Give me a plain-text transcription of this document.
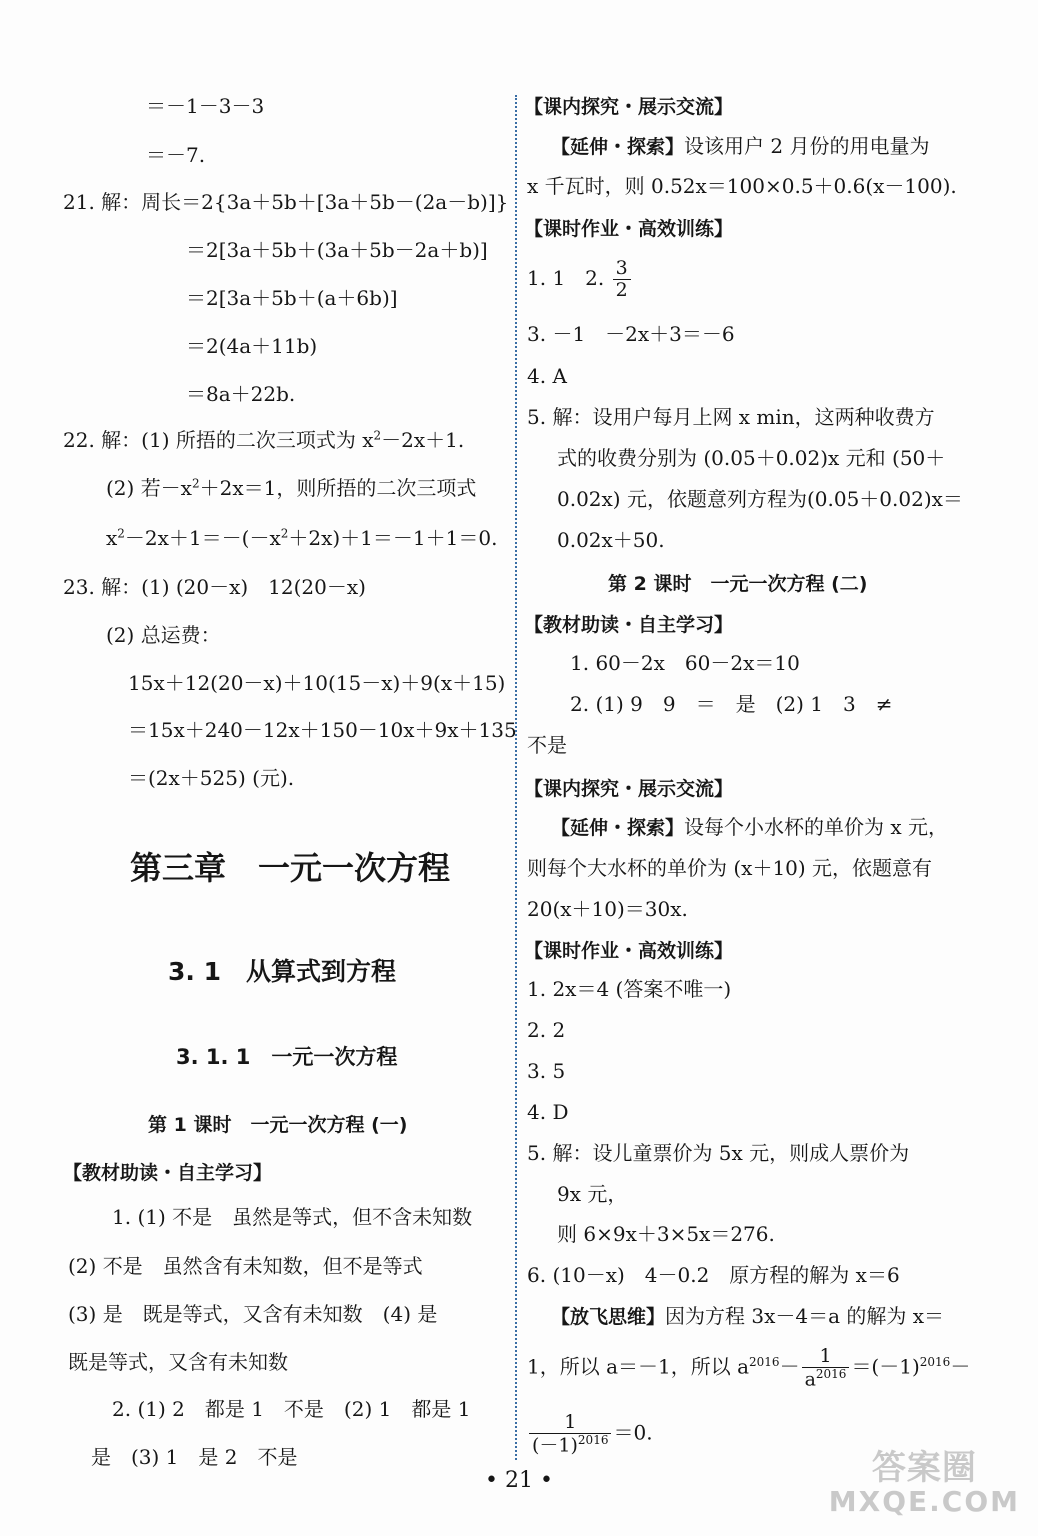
＝－1－3－3
＝－7.
21. 解：周长＝2{3a＋5b＋[3a＋5b－(2a－b)]}
＝2[3a＋5b＋(3a＋5b－2a＋b)]
＝2[3a＋5b＋(a＋6b)]
＝2(4a＋11b)
＝8a＋22b.
22. 解：(1) 所捂的二次三项式为 $x^2-2x+1$.
(2) 若$-x^2+2x=1$，则所捂的二次三项式
$x^2-2x+1=-(-x^2+2x)+1=-1+1=0$.
23. 解：(1) (20－x)　12(20－x)
(2) 总运费：
15x＋12(20－x)＋10(15－x)＋9(x＋15)
＝15x＋240－12x＋150－10x＋9x＋135
＝(2x＋525) (元).
第三章　一元一次方程
3. 1　从算式到方程
3. 1. 1　一元一次方程
第 1 课时　一元一次方程 (一)
【教材助读・自主学习】
1. (1) 不是　虽然是等式，但不含未知数
(2) 不是　虽然含有未知数，但不是等式
(3) 是　既是等式，又含有未知数　(4) 是
既是等式，又含有未知数
2. (1) 2　都是 1　不是　(2) 1　都是 1
是　(3) 1　是 2　不是
【课内探究・展示交流】
【延伸・探索】设该用户 2 月份的用电量为
x 千瓦时，则 0.52x＝100×0.5＋0.6(x－100).
【课时作业・高效训练】
1. 1　2. $\frac{3}{2}$
3. －1　－2x＋3＝－6
4. A
5. 解：设用户每月上网 x min，这两种收费方
式的收费分别为 (0.05＋0.02)x 元和 (50＋
0.02x) 元，依题意列方程为(0.05＋0.02)x＝
0.02x＋50.
第 2 课时　一元一次方程 (二)
【教材助读・自主学习】
1. 60－2x　60－2x＝10
2. (1) 9　9　＝　是　(2) 1　3　≠
不是
【课内探究・展示交流】
【延伸・探索】设每个小水杯的单价为 x 元，
则每个大水杯的单价为 (x＋10) 元，依题意有
20(x＋10)＝30x.
【课时作业・高效训练】
1. 2x＝4 (答案不唯一)
2. 2
3. 5
4. D
5. 解：设儿童票价为 5x 元，则成人票价为
9x 元，
则 6×9x＋3×5x＝276.
6. (10－x)　4－0.2　原方程的解为 x＝6
【放飞思维】因为方程 3x－4＝a 的解为 x＝
1，所以 a＝－1，所以 $a^{2016}- \frac{1}{a^{2016}} =(-1)^{2016}-$
$\frac{1}{(-1)^{2016}} =0$.
• 21 •	答案圈
MXQE.COM
